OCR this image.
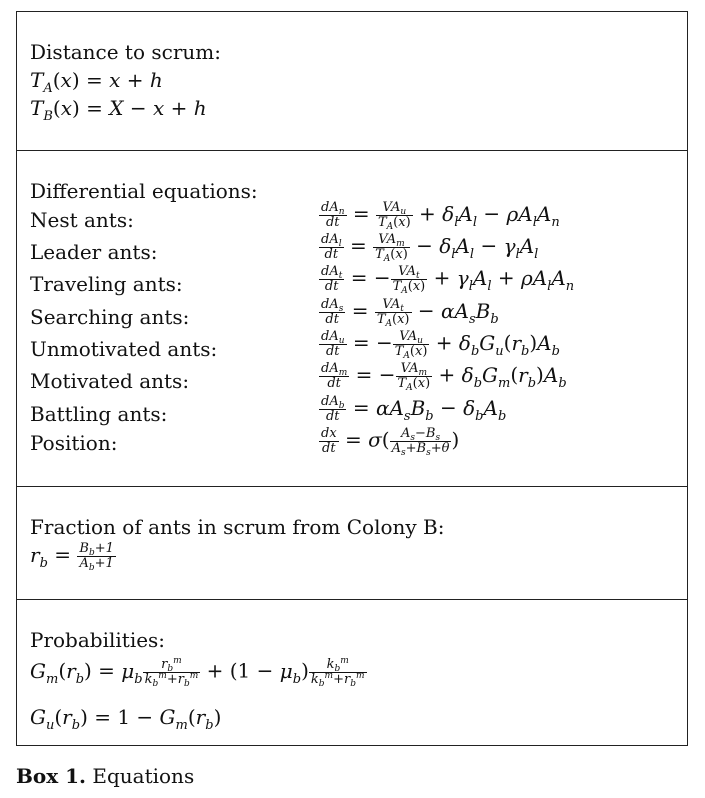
Distance to scrum:
$T_A(x) = x + h$
$T_B(x) = X - x + h$
Differential equations:
Nest ants:
Leader ants:
Traveling ants:
Searching ants:
Unmotivated ants:
Motivated ants:
Battling ants:
Position:
$\frac{dA_n}{dt} = \frac{VA_u}{T_A(x)} + \delta_lA_l - \rho A_lA_n$
$\frac{dA_l}{dt} = \frac{VA_m}{T_A(x)} - \delta_lA_l - \gamma_lA_l$
$\frac{dA_t}{dt}$ = − $\frac{VA_t}{T_A(x)} + \gamma_lA_l + \rho A_lA_n$
$\frac{dA_s}{dt} = \frac{VA_t}{T_A(x)} - \alpha A_sB_b$
$\frac{dA_u}{dt}$ = − $\frac{VA_u}{T_A(x)} + \delta_bG_u(r_b)A_b$
$\frac{dA_m}{dt}$ = − $\frac{VA_m}{T_A(x)} + \delta_bG_m(r_b)A_b$
$\frac{dA_b}{dt} = \alpha A_sB_b - \delta_bA_b$
$\frac{dx}{dt} = \sigma( \frac{A_s-B_s}{A_s+B_s+\theta}$ )
Fraction of ants in scrum from Colony B:
$r_b = \frac{B_b+1}{A_b+1}$
Probabilities:
$G_m(r_b) = \mu_b \frac{r_b^m}{k_b^m+r_b^m} + (1 - \mu_b) \frac{k_b^m}{k_b^m+r_b^m}$
$G_u(r_b) = 1 - G_m(r_b)$
Box 1. Equations
